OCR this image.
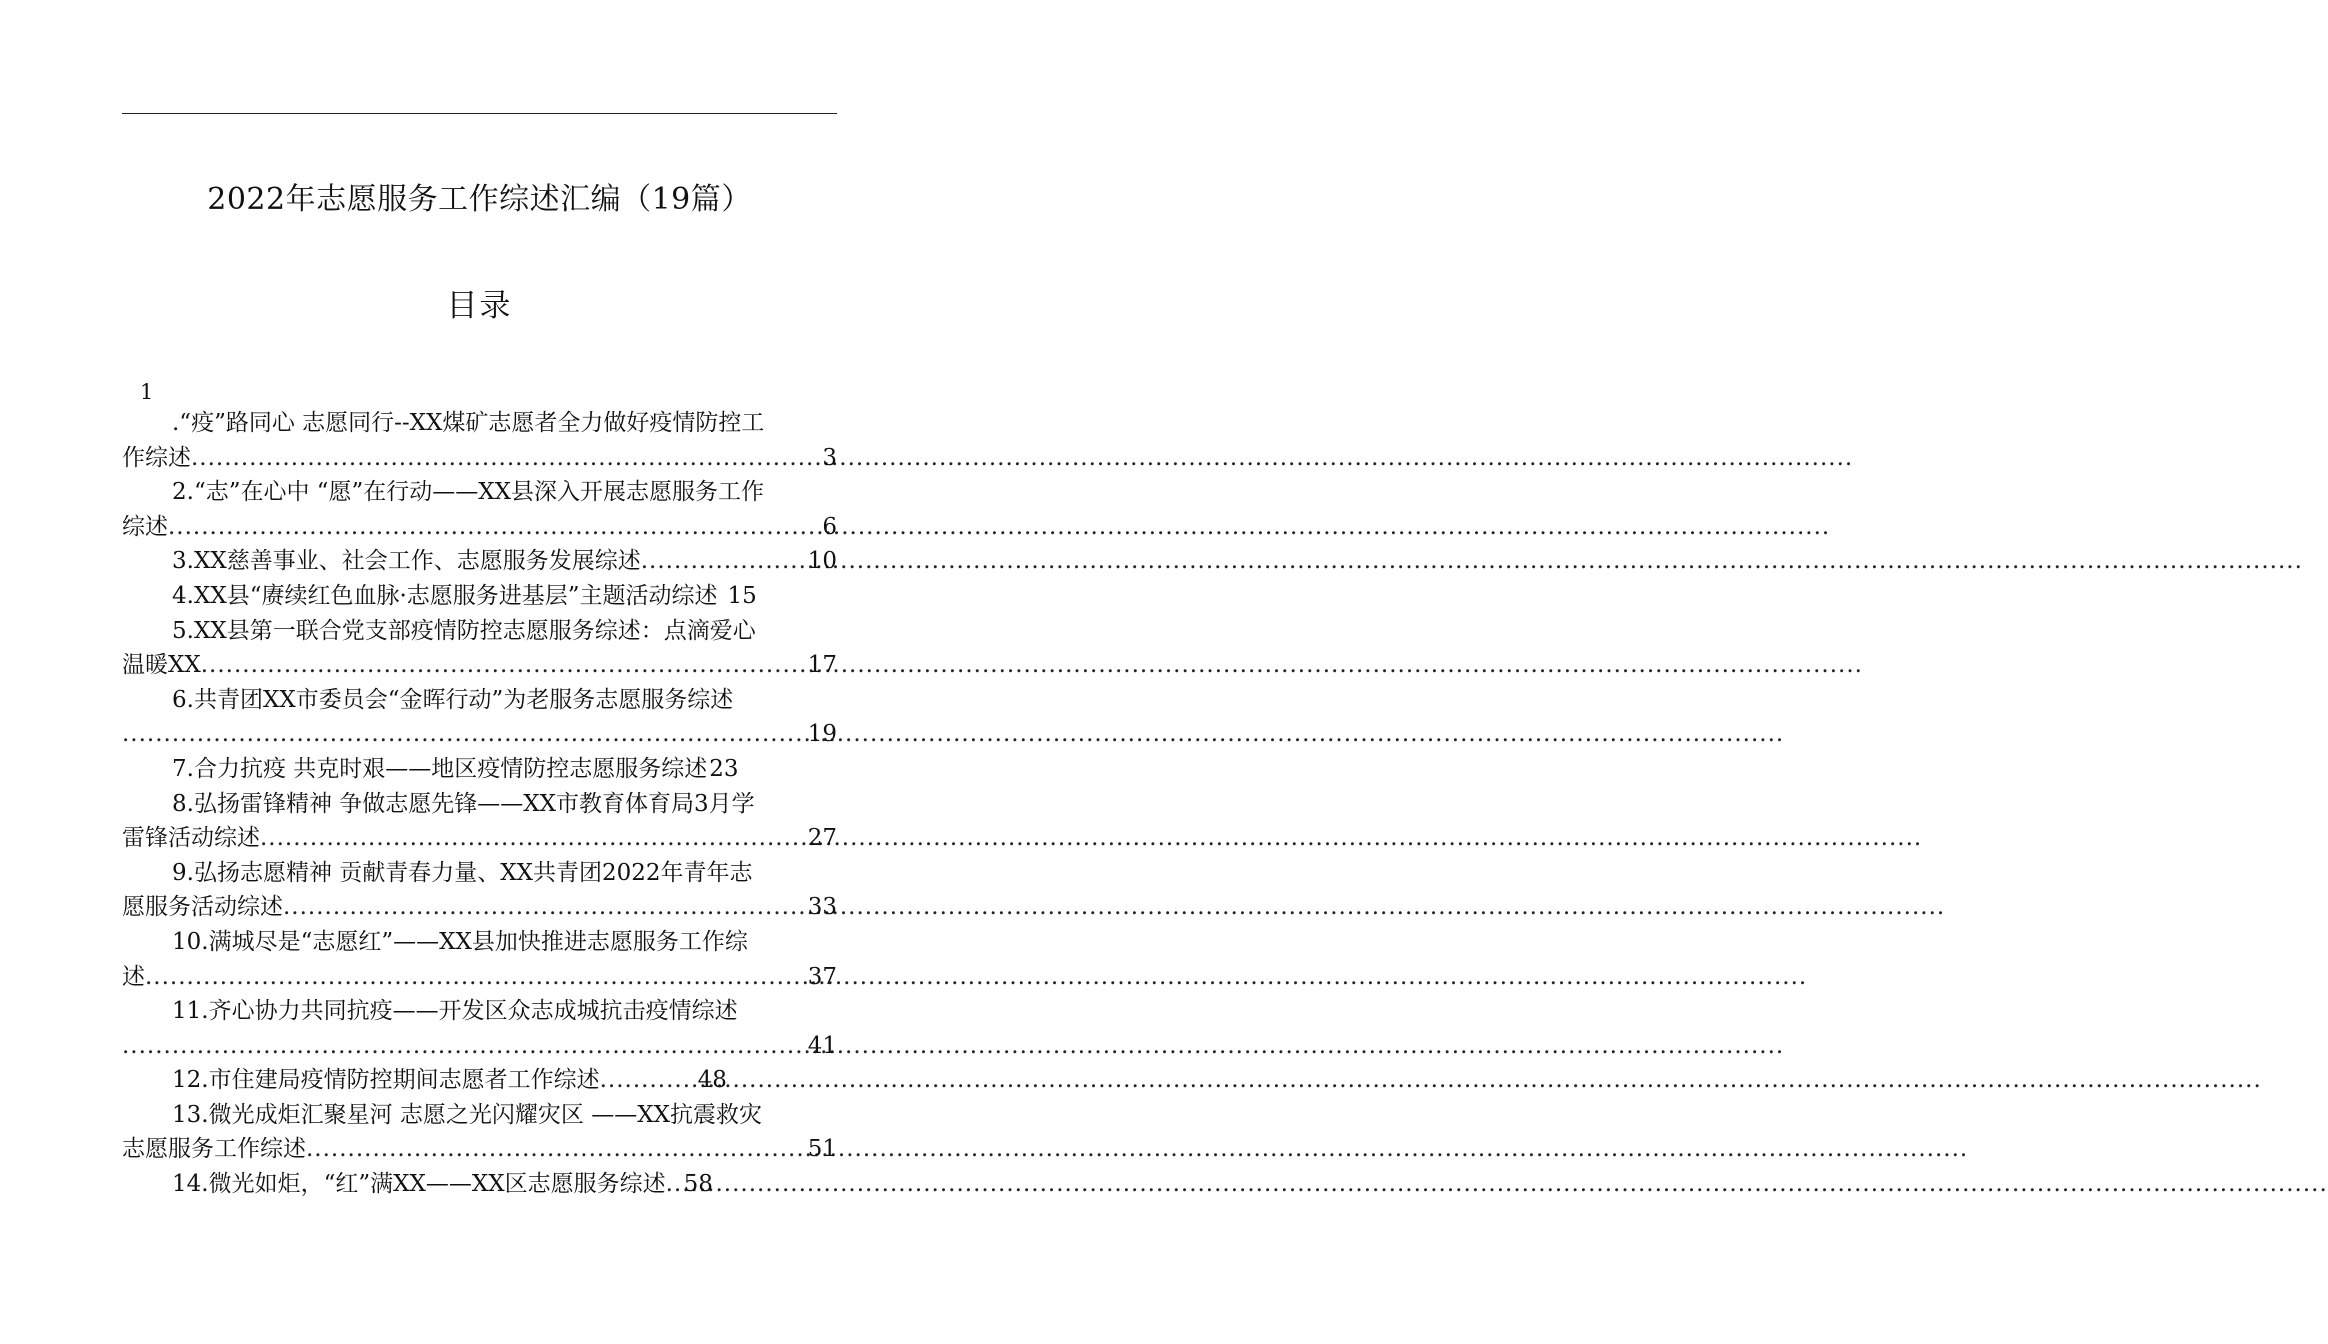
2022年志愿服务工作综述汇编（19篇）
目录
1
.“疫”路同心 志愿同行--XX煤矿志愿者全力做好疫情防控工
作综述 .....	3
2.“志”在心中 “愿”在行动——XX县深入开展志愿服务工作
综述 .....	6
3.XX慈善事业、社会工作、志愿服务发展综述 .....	10
4.XX县“赓续红色血脉·志愿服务进基层”主题活动综述 15
5.XX县第一联合党支部疫情防控志愿服务综述：点滴爱心
温暖XX .....	17
6.共青团XX市委员会“金晖行动”为老服务志愿服务综述
.....
19
7.合力抗疫 共克时艰——地区疫情防控志愿服务综述 23
8.弘扬雷锋精神 争做志愿先锋——XX市教育体育局3月学
雷锋活动综述 .....	27
9.弘扬志愿精神 贡献青春力量、XX共青团2022年青年志
愿服务活动综述 .....	33
10.满城尽是“志愿红”——XX县加快推进志愿服务工作综
述 .....	37
11.齐心协力共同抗疫——开发区众志成城抗击疫情综述
.....
41
12.市住建局疫情防控期间志愿者工作综述 .....	48
13.微光成炬汇聚星河 志愿之光闪耀灾区 ——XX抗震救灾
志愿服务工作综述 .....	51
14.微光如炬，“红”满XX——XX区志愿服务综述 ..... 58
